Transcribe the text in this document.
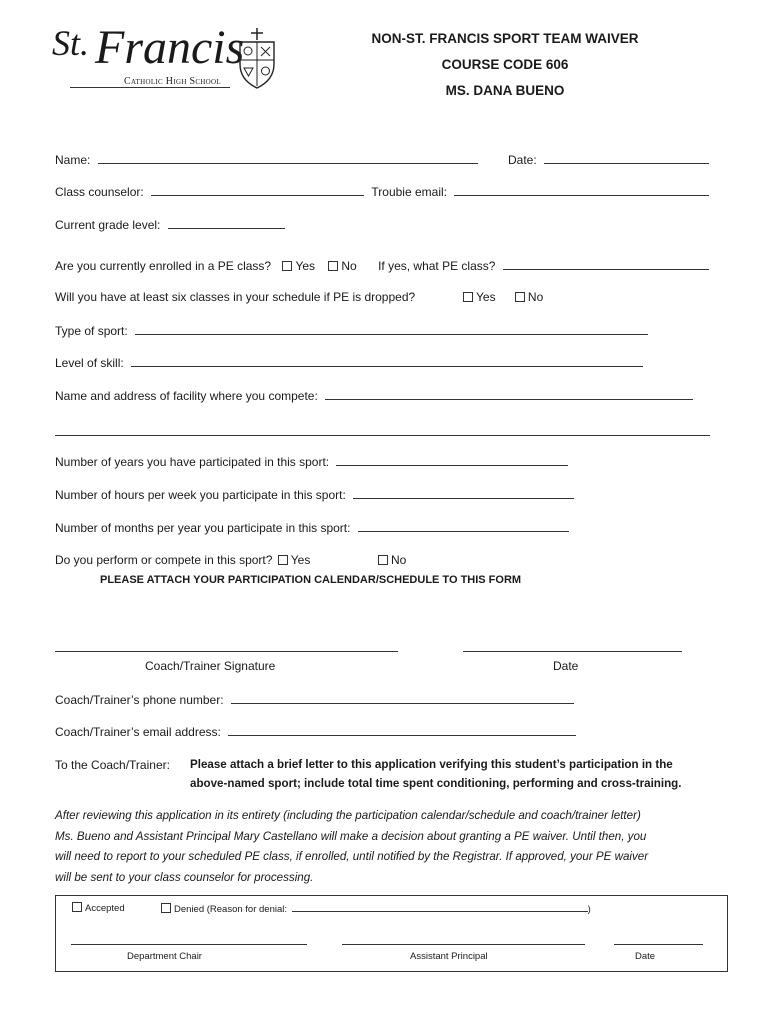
St. Francis
Catholic High School
NON-ST. FRANCIS SPORT TEAM WAIVER
COURSE CODE 606
MS. DANA BUENO
Name:	Date:
Class counselor:	Troubie email:
Current grade level:
Are you currently enrolled in a PE class? Yes No If yes, what PE class?
Will you have at least six classes in your schedule if PE is dropped?	Yes	No
Type of sport:
Level of skill:
Name and address of facility where you compete:
Number of years you have participated in this sport:
Number of hours per week you participate in this sport:
Number of months per year you participate in this sport:
Do you perform or compete in this sport? Yes	No
PLEASE ATTACH YOUR PARTICIPATION CALENDAR/SCHEDULE TO THIS FORM
Coach/Trainer Signature	Date
Coach/Trainer’s phone number:
Coach/Trainer’s email address:
To the Coach/Trainer: Please attach a brief letter to this application verifying this student’s participation in the
above-named sport; include total time spent conditioning, performing and cross-training.
After reviewing this application in its entirety (including the participation calendar/schedule and coach/trainer letter)
Ms. Bueno and Assistant Principal Mary Castellano will make a decision about granting a PE waiver. Until then, you
will need to report to your scheduled PE class, if enrolled, until notified by the Registrar. If approved, your PE waiver
will be sent to your class counselor for processing.
Accepted	Denied (Reason for denial:	)
Department Chair	Assistant Principal	Date
